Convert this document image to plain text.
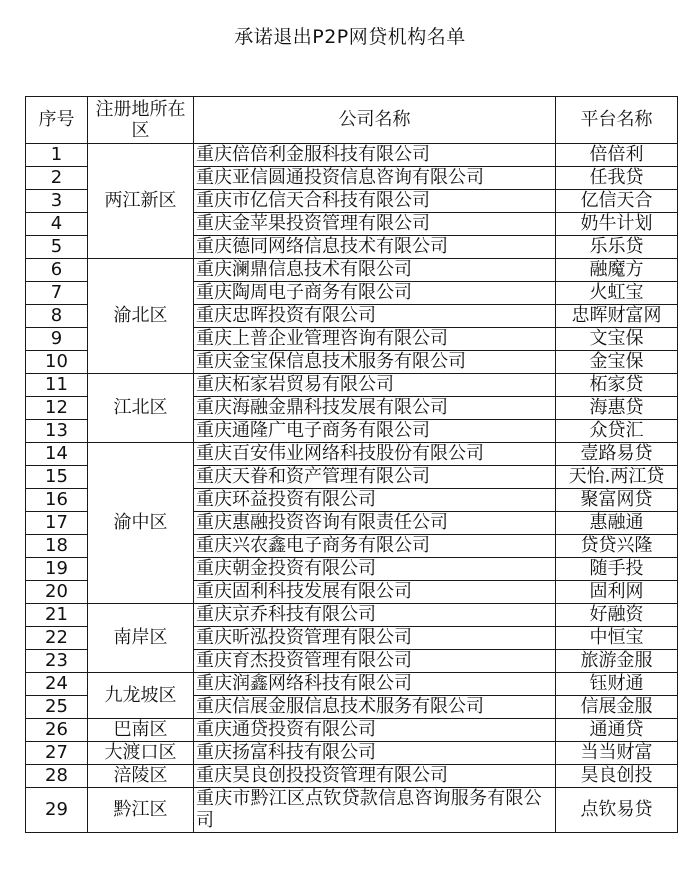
承诺退出P2P网贷机构名单
序号	注册地所在区	公司名称	平台名称
1	两江新区	重庆倍倍利金服科技有限公司	倍倍利
2		重庆亚信圆通投资信息咨询有限公司	任我贷
3		重庆市亿信天合科技有限公司	亿信天合
4		重庆金苹果投资管理有限公司	奶牛计划
5		重庆德同网络信息技术有限公司	乐乐贷
6	渝北区	重庆澜鼎信息技术有限公司	融魔方
7		重庆陶周电子商务有限公司	火虹宝
8		重庆忠晖投资有限公司	忠晖财富网
9		重庆上普企业管理咨询有限公司	文宝保
10		重庆金宝保信息技术服务有限公司	金宝保
11	江北区	重庆柘家岩贸易有限公司	柘家贷
12		重庆海融金鼎科技发展有限公司	海惠贷
13		重庆通隆广电子商务有限公司	众贷汇
14	渝中区	重庆百安伟业网络科技股份有限公司	壹路易贷
15		重庆天眷和资产管理有限公司	天怡.两江贷
16		重庆环益投资有限公司	聚富网贷
17		重庆惠融投资咨询有限责任公司	惠融通
18		重庆兴农鑫电子商务有限公司	贷贷兴隆
19		重庆朝金投资有限公司	随手投
20		重庆固利科技发展有限公司	固利网
21	南岸区	重庆京乔科技有限公司	好融资
22		重庆昕泓投资管理有限公司	中恒宝
23		重庆育杰投资管理有限公司	旅游金服
24	九龙坡区	重庆润鑫网络科技有限公司	钰财通
25		重庆信展金服信息技术服务有限公司	信展金服
26	巴南区	重庆通贷投资有限公司	通通贷
27	大渡口区	重庆扬富科技有限公司	当当财富
28	涪陵区	重庆昊良创投投资管理有限公司	昊良创投
29	黔江区	重庆市黔江区点钦贷款信息咨询服务有限公司	点钦易贷
